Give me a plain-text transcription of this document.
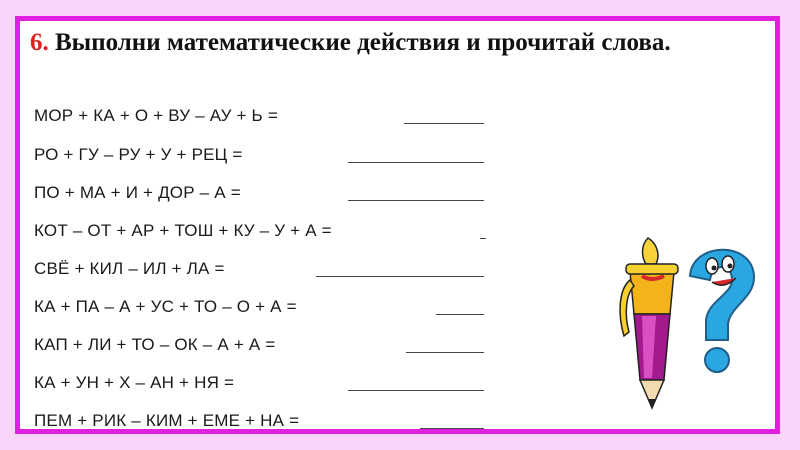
6. Выполни математические действия и прочитай слова.
МОР + КА + О + ВУ – АУ + Ь =
РО + ГУ – РУ + У + РЕЦ =
ПО + МА + И + ДОР – А =
КОТ – ОТ + АР + ТОШ + КУ – У + А =
СВЁ + КИЛ – ИЛ + ЛА =
КА + ПА – А + УС + ТО – О + А =
КАП + ЛИ + ТО – ОК – А + А =
КА + УН + Х – АН + НЯ =
ПЕМ + РИК – КИМ + ЕМЕ + НА =
